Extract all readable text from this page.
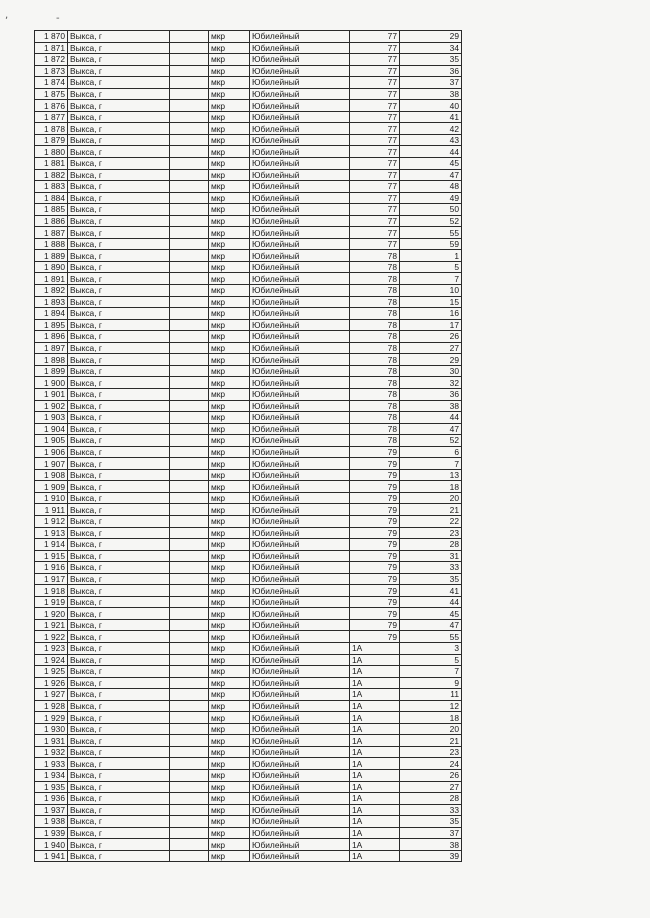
,	-
1 870	Выкса, г		мкр	Юбилейный	77	29
1 871	Выкса, г		мкр	Юбилейный	77	34
1 872	Выкса, г		мкр	Юбилейный	77	35
1 873	Выкса, г		мкр	Юбилейный	77	36
1 874	Выкса, г		мкр	Юбилейный	77	37
1 875	Выкса, г		мкр	Юбилейный	77	38
1 876	Выкса, г		мкр	Юбилейный	77	40
1 877	Выкса, г		мкр	Юбилейный	77	41
1 878	Выкса, г		мкр	Юбилейный	77	42
1 879	Выкса, г		мкр	Юбилейный	77	43
1 880	Выкса, г		мкр	Юбилейный	77	44
1 881	Выкса, г		мкр	Юбилейный	77	45
1 882	Выкса, г		мкр	Юбилейный	77	47
1 883	Выкса, г		мкр	Юбилейный	77	48
1 884	Выкса, г		мкр	Юбилейный	77	49
1 885	Выкса, г		мкр	Юбилейный	77	50
1 886	Выкса, г		мкр	Юбилейный	77	52
1 887	Выкса, г		мкр	Юбилейный	77	55
1 888	Выкса, г		мкр	Юбилейный	77	59
1 889	Выкса, г		мкр	Юбилейный	78	1
1 890	Выкса, г		мкр	Юбилейный	78	5
1 891	Выкса, г		мкр	Юбилейный	78	7
1 892	Выкса, г		мкр	Юбилейный	78	10
1 893	Выкса, г		мкр	Юбилейный	78	15
1 894	Выкса, г		мкр	Юбилейный	78	16
1 895	Выкса, г		мкр	Юбилейный	78	17
1 896	Выкса, г		мкр	Юбилейный	78	26
1 897	Выкса, г		мкр	Юбилейный	78	27
1 898	Выкса, г		мкр	Юбилейный	78	29
1 899	Выкса, г		мкр	Юбилейный	78	30
1 900	Выкса, г		мкр	Юбилейный	78	32
1 901	Выкса, г		мкр	Юбилейный	78	36
1 902	Выкса, г		мкр	Юбилейный	78	38
1 903	Выкса, г		мкр	Юбилейный	78	44
1 904	Выкса, г		мкр	Юбилейный	78	47
1 905	Выкса, г		мкр	Юбилейный	78	52
1 906	Выкса, г		мкр	Юбилейный	79	6
1 907	Выкса, г		мкр	Юбилейный	79	7
1 908	Выкса, г		мкр	Юбилейный	79	13
1 909	Выкса, г		мкр	Юбилейный	79	18
1 910	Выкса, г		мкр	Юбилейный	79	20
1 911	Выкса, г		мкр	Юбилейный	79	21
1 912	Выкса, г		мкр	Юбилейный	79	22
1 913	Выкса, г		мкр	Юбилейный	79	23
1 914	Выкса, г		мкр	Юбилейный	79	28
1 915	Выкса, г		мкр	Юбилейный	79	31
1 916	Выкса, г		мкр	Юбилейный	79	33
1 917	Выкса, г		мкр	Юбилейный	79	35
1 918	Выкса, г		мкр	Юбилейный	79	41
1 919	Выкса, г		мкр	Юбилейный	79	44
1 920	Выкса, г		мкр	Юбилейный	79	45
1 921	Выкса, г		мкр	Юбилейный	79	47
1 922	Выкса, г		мкр	Юбилейный	79	55
1 923	Выкса, г		мкр	Юбилейный	1А	3
1 924	Выкса, г		мкр	Юбилейный	1А	5
1 925	Выкса, г		мкр	Юбилейный	1А	7
1 926	Выкса, г		мкр	Юбилейный	1А	9
1 927	Выкса, г		мкр	Юбилейный	1А	11
1 928	Выкса, г		мкр	Юбилейный	1А	12
1 929	Выкса, г		мкр	Юбилейный	1А	18
1 930	Выкса, г		мкр	Юбилейный	1А	20
1 931	Выкса, г		мкр	Юбилейный	1А	21
1 932	Выкса, г		мкр	Юбилейный	1А	23
1 933	Выкса, г		мкр	Юбилейный	1А	24
1 934	Выкса, г		мкр	Юбилейный	1А	26
1 935	Выкса, г		мкр	Юбилейный	1А	27
1 936	Выкса, г		мкр	Юбилейный	1А	28
1 937	Выкса, г		мкр	Юбилейный	1А	33
1 938	Выкса, г		мкр	Юбилейный	1А	35
1 939	Выкса, г		мкр	Юбилейный	1А	37
1 940	Выкса, г		мкр	Юбилейный	1А	38
1 941	Выкса, г		мкр	Юбилейный	1А	39
